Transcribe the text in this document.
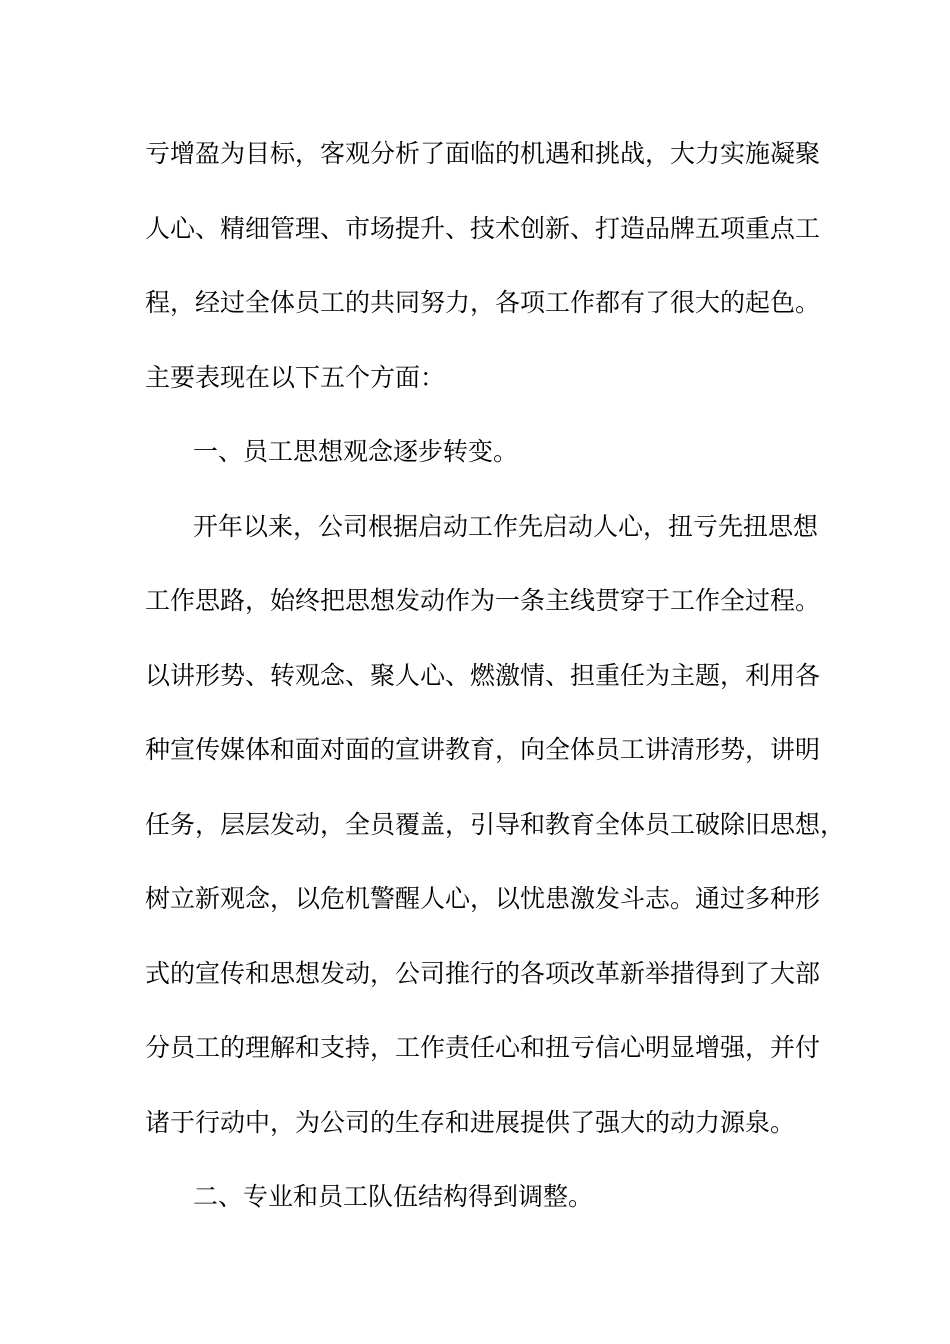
亏增盈为目标，客观分析了面临的机遇和挑战，大力实施凝聚
人心、精细管理、市场提升、技术创新、打造品牌五项重点工
程，经过全体员工的共同努力，各项工作都有了很大的起色。
主要表现在以下五个方面：
一、员工思想观念逐步转变。
开年以来，公司根据启动工作先启动人心，扭亏先扭思想
工作思路，始终把思想发动作为一条主线贯穿于工作全过程。
以讲形势、转观念、聚人心、燃激情、担重任为主题，利用各
种宣传媒体和面对面的宣讲教育，向全体员工讲清形势，讲明
任务，层层发动，全员覆盖，引导和教育全体员工破除旧思想，
树立新观念，以危机警醒人心，以忧患激发斗志。通过多种形
式的宣传和思想发动，公司推行的各项改革新举措得到了大部
分员工的理解和支持，工作责任心和扭亏信心明显增强，并付
诸于行动中，为公司的生存和进展提供了强大的动力源泉。
二、专业和员工队伍结构得到调整。
